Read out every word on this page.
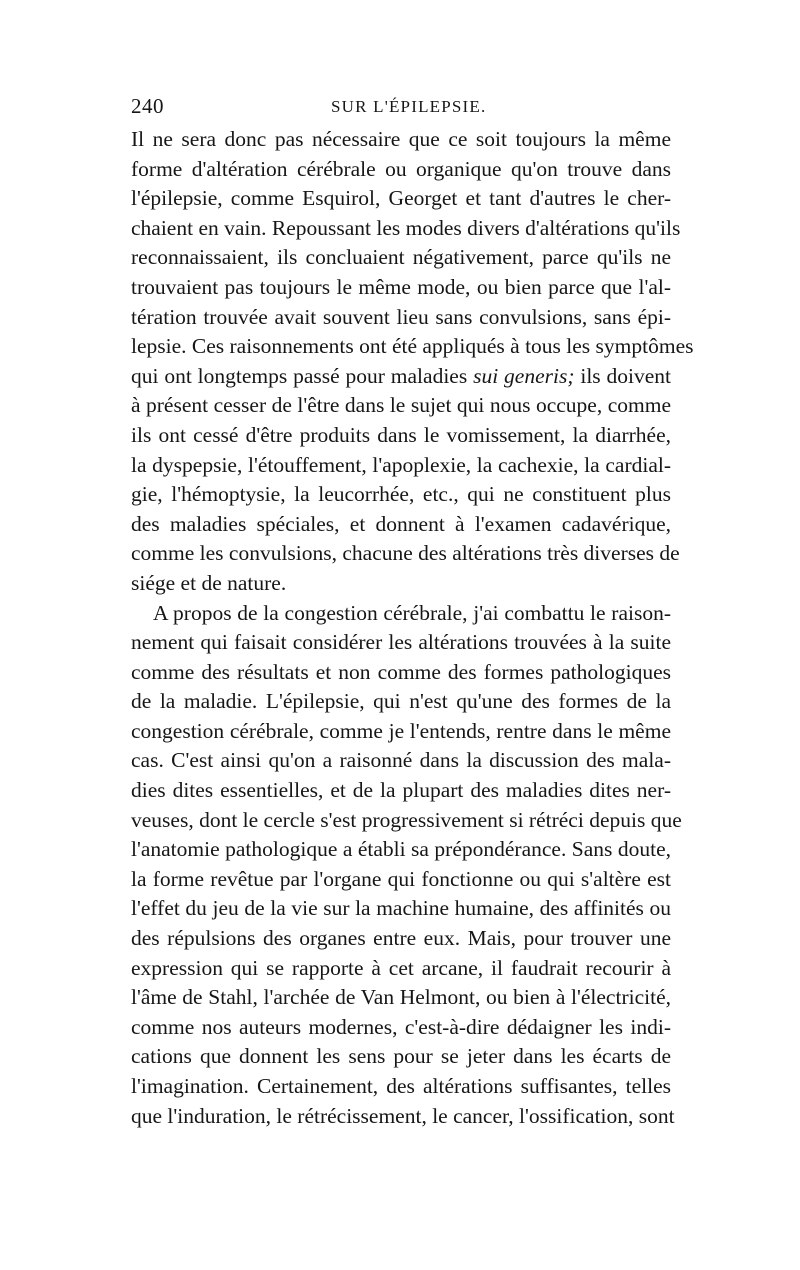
240	SUR L'ÉPILEPSIE.
Il ne sera donc pas nécessaire que ce soit toujours la même
forme d'altération cérébrale ou organique qu'on trouve dans
l'épilepsie, comme Esquirol, Georget et tant d'autres le cher-
chaient en vain. Repoussant les modes divers d'altérations qu'ils
reconnaissaient, ils concluaient négativement, parce qu'ils ne
trouvaient pas toujours le même mode, ou bien parce que l'al-
tération trouvée avait souvent lieu sans convulsions, sans épi-
lepsie. Ces raisonnements ont été appliqués à tous les symptômes
qui ont longtemps passé pour maladies sui generis; ils doivent
à présent cesser de l'être dans le sujet qui nous occupe, comme
ils ont cessé d'être produits dans le vomissement, la diarrhée,
la dyspepsie, l'étouffement, l'apoplexie, la cachexie, la cardial-
gie, l'hémoptysie, la leucorrhée, etc., qui ne constituent plus
des maladies spéciales, et donnent à l'examen cadavérique,
comme les convulsions, chacune des altérations très diverses de
siége et de nature.
A propos de la congestion cérébrale, j'ai combattu le raison-
nement qui faisait considérer les altérations trouvées à la suite
comme des résultats et non comme des formes pathologiques
de la maladie. L'épilepsie, qui n'est qu'une des formes de la
congestion cérébrale, comme je l'entends, rentre dans le même
cas. C'est ainsi qu'on a raisonné dans la discussion des mala-
dies dites essentielles, et de la plupart des maladies dites ner-
veuses, dont le cercle s'est progressivement si rétréci depuis que
l'anatomie pathologique a établi sa prépondérance. Sans doute,
la forme revêtue par l'organe qui fonctionne ou qui s'altère est
l'effet du jeu de la vie sur la machine humaine, des affinités ou
des répulsions des organes entre eux. Mais, pour trouver une
expression qui se rapporte à cet arcane, il faudrait recourir à
l'âme de Stahl, l'archée de Van Helmont, ou bien à l'électricité,
comme nos auteurs modernes, c'est-à-dire dédaigner les indi-
cations que donnent les sens pour se jeter dans les écarts de
l'imagination. Certainement, des altérations suffisantes, telles
que l'induration, le rétrécissement, le cancer, l'ossification, sont
